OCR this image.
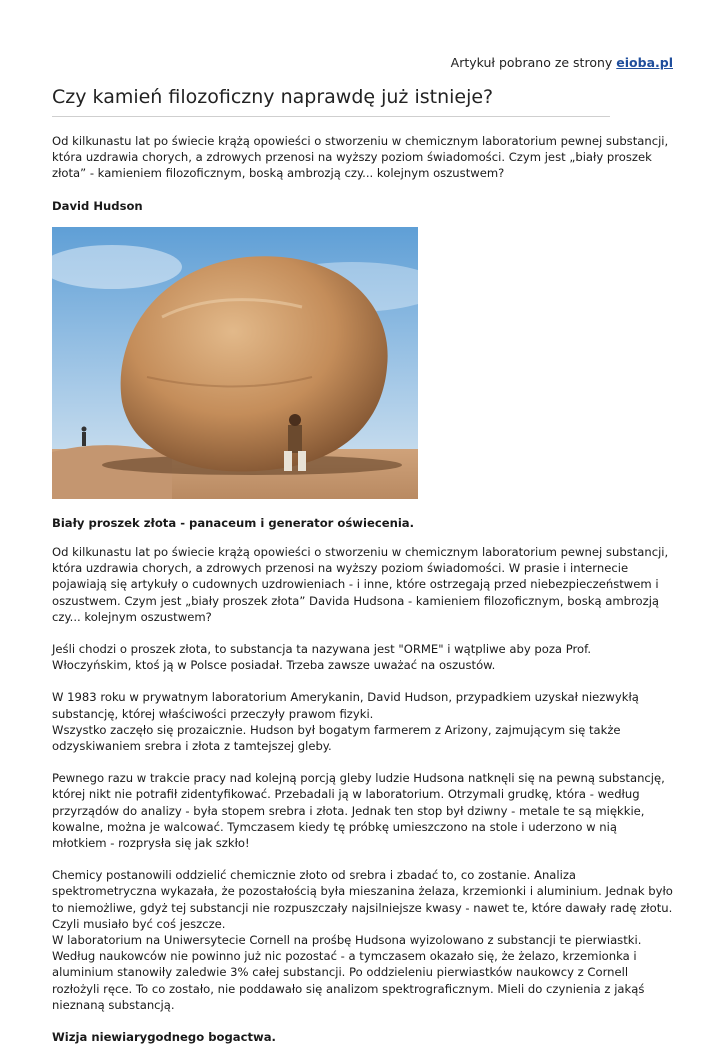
Artykuł pobrano ze strony eioba.pl
Czy kamień filozoficzny naprawdę już istnieje?

Od kilkunastu lat po świecie krążą opowieści o stworzeniu w chemicznym laboratorium pewnej substancji, która uzdrawia chorych, a zdrowych przenosi na wyższy poziom świadomości. Czym jest „biały proszek złota” - kamieniem filozoficznym, boską ambrozją czy... kolejnym oszustwem?

David Hudson
Biały proszek złota - panaceum i generator oświecenia.

Od kilkunastu lat po świecie krążą opowieści o stworzeniu w chemicznym laboratorium pewnej substancji, która uzdrawia chorych, a zdrowych przenosi na wyższy poziom świadomości. W prasie i internecie pojawiają się artykuły o cudownych uzdrowieniach - i inne, które ostrzegają przed niebezpieczeństwem i oszustwem. Czym jest „biały proszek złota” Davida Hudsona - kamieniem filozoficznym, boską ambrozją czy... kolejnym oszustwem?

Jeśli chodzi o proszek złota, to substancja ta nazywana jest "ORME" i wątpliwe aby poza Prof. Włoczyńskim, ktoś ją w Polsce posiadał. Trzeba zawsze uważać na oszustów.

W 1983 roku w prywatnym laboratorium Amerykanin, David Hudson, przypadkiem uzyskał niezwykłą substancję, której właściwości przeczyły prawom fizyki.
Wszystko zaczęło się prozaicznie. Hudson był bogatym farmerem z Arizony, zajmującym się także odzyskiwaniem srebra i złota z tamtejszej gleby.

Pewnego razu w trakcie pracy nad kolejną porcją gleby ludzie Hudsona natknęli się na pewną substancję, której nikt nie potrafił zidentyfikować. Przebadali ją w laboratorium. Otrzymali grudkę, która - według przyrządów do analizy - była stopem srebra i złota. Jednak ten stop był dziwny - metale te są miękkie, kowalne, można je walcować. Tymczasem kiedy tę próbkę umieszczono na stole i uderzono w nią młotkiem - rozprysła się jak szkło!

Chemicy postanowili oddzielić chemicznie złoto od srebra i zbadać to, co zostanie. Analiza spektrometryczna wykazała, że pozostałością była mieszanina żelaza, krzemionki i aluminium. Jednak było to niemożliwe, gdyż tej substancji nie rozpuszczały najsilniejsze kwasy - nawet te, które dawały radę złotu. Czyli musiało być coś jeszcze.
W laboratorium na Uniwersytecie Cornell na prośbę Hudsona wyizolowano z substancji te pierwiastki. Według naukowców nie powinno już nic pozostać - a tymczasem okazało się, że żelazo, krzemionka i aluminium stanowiły zaledwie 3% całej substancji. Po oddzieleniu pierwiastków naukowcy z Cornell rozłożyli ręce. To co zostało, nie poddawało się analizom spektrograficznym. Mieli do czynienia z jakąś nieznaną substancją.

Wizja niewiarygodnego bogactwa.
